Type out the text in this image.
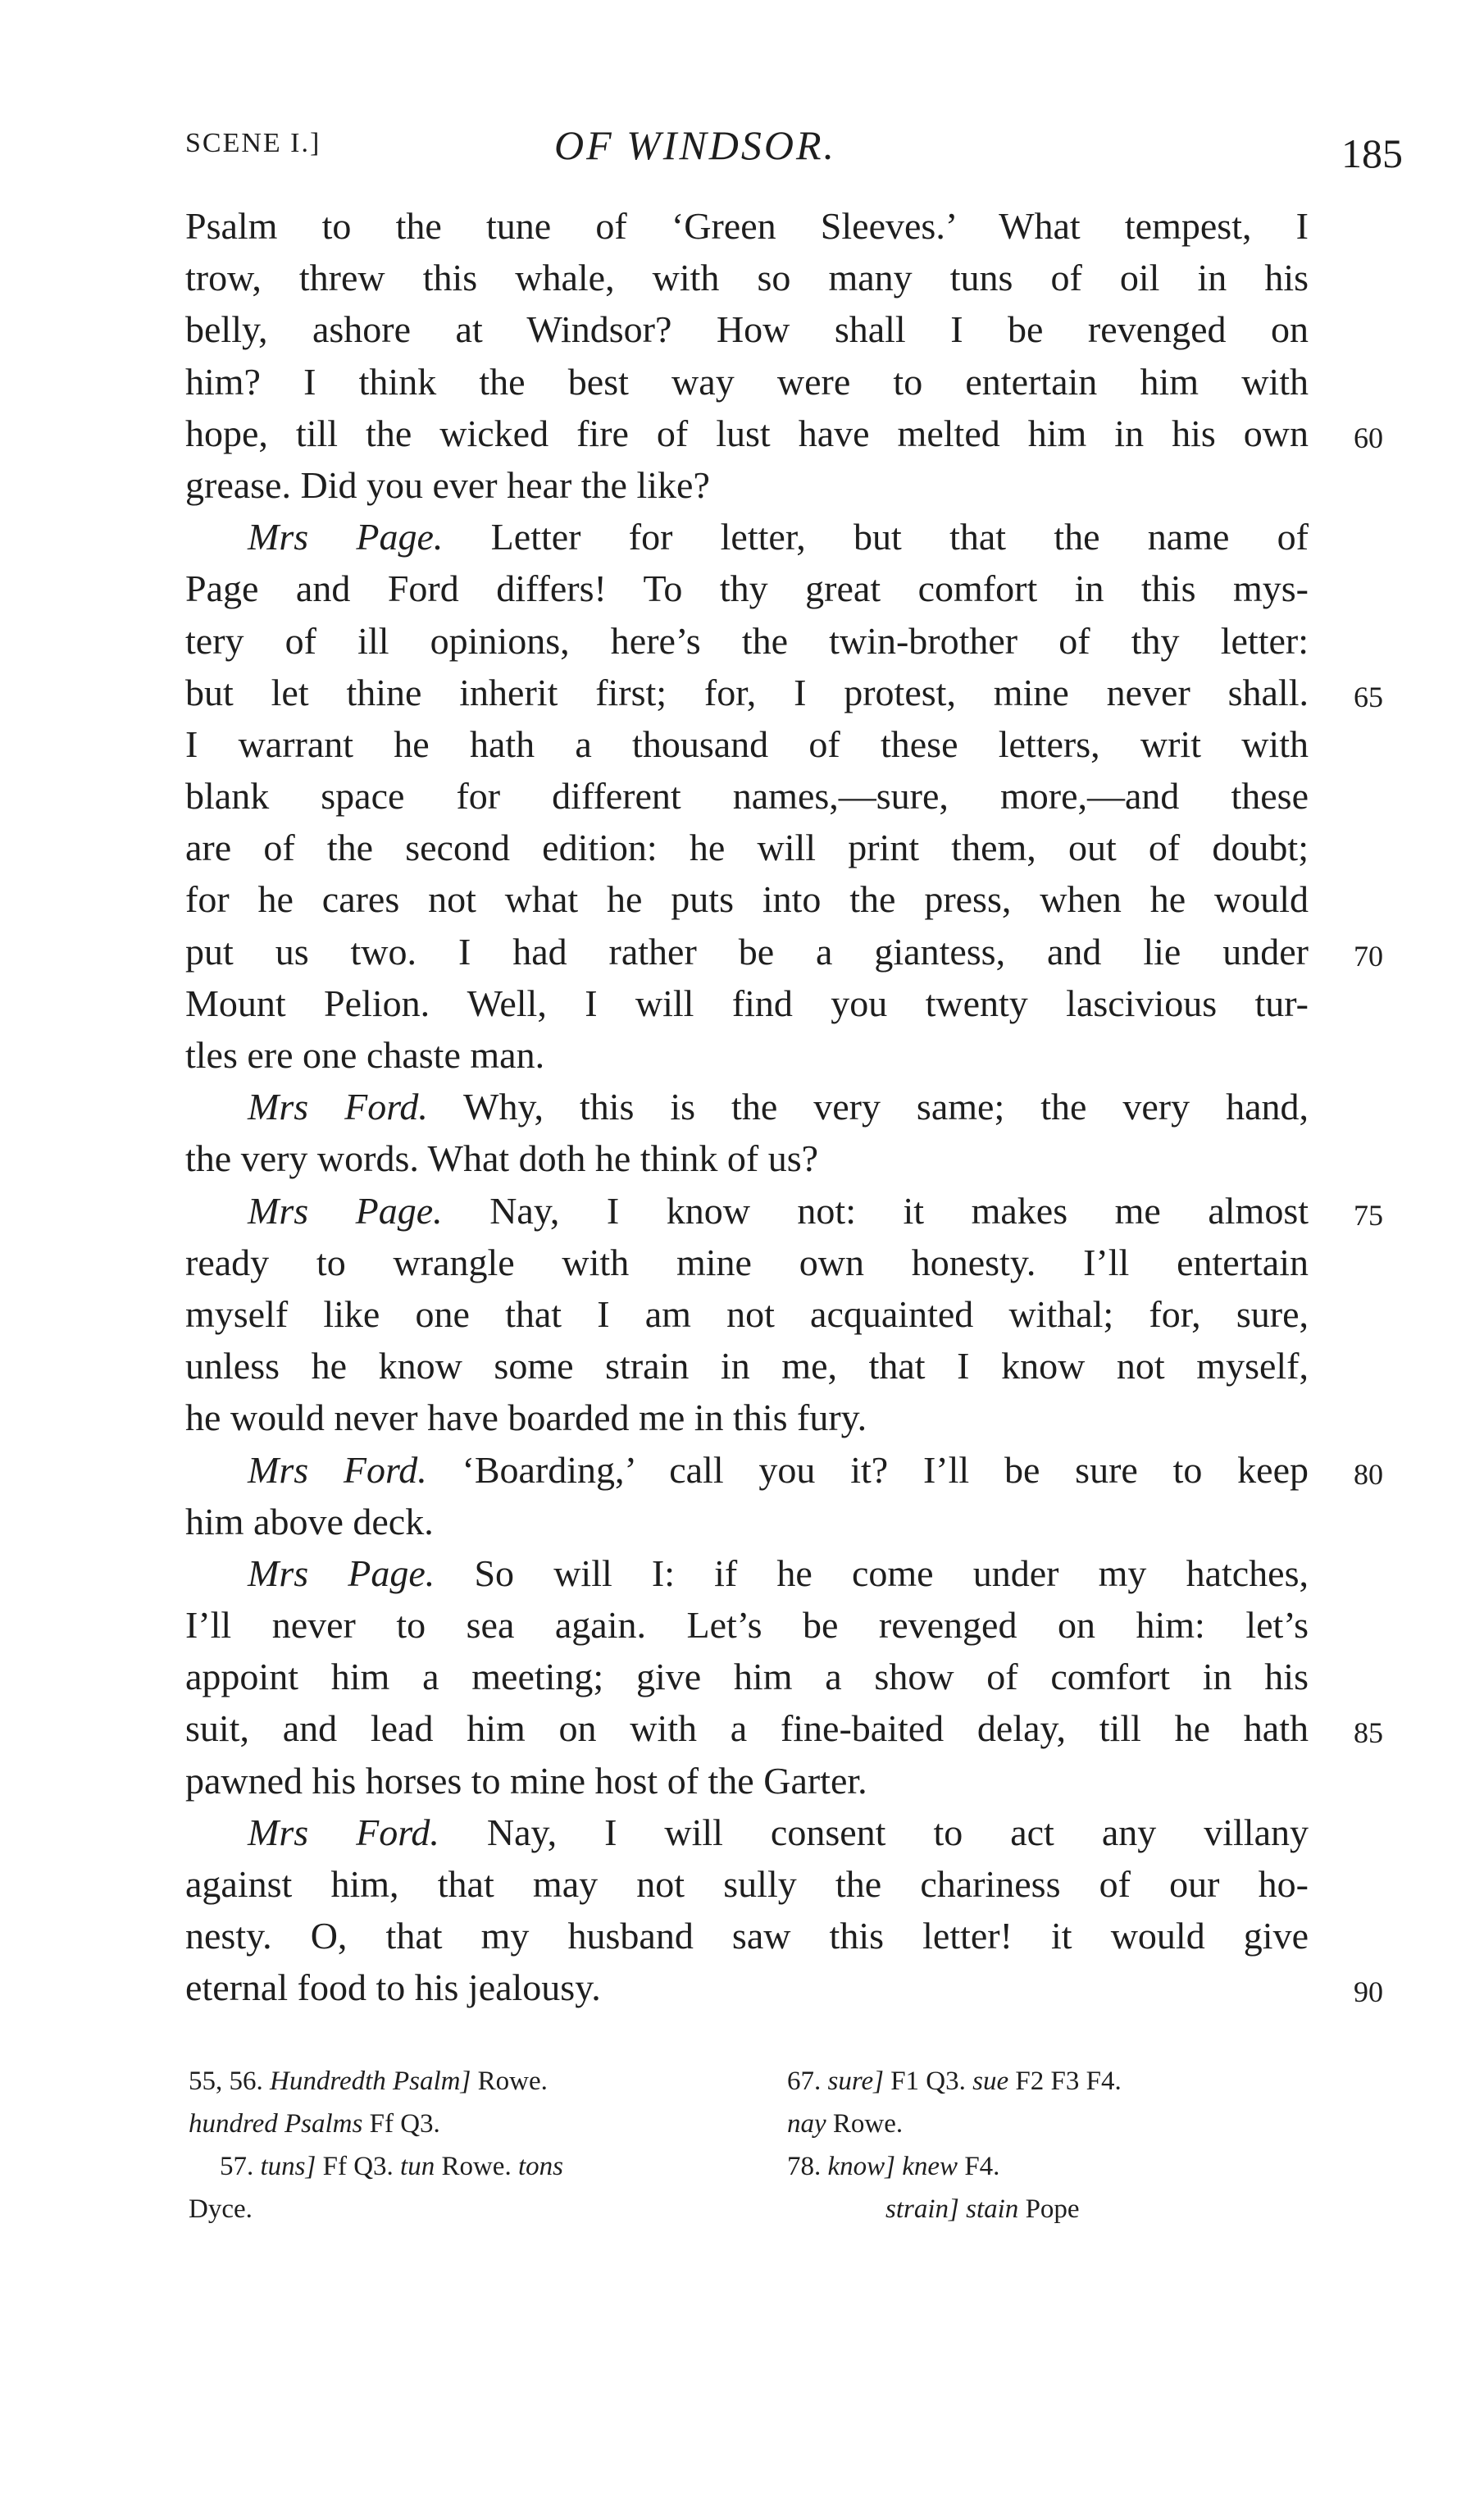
SCENE I.]	OF WINDSOR.	185
Psalm to the tune of ‘Green Sleeves.’ What tempest, I
trow, threw this whale, with so many tuns of oil in his
belly, ashore at Windsor? How shall I be revenged on
him? I think the best way were to entertain him with
hope, till the wicked fire of lust have melted him in his own 60
grease. Did you ever hear the like?
Mrs Page. Letter for letter, but that the name of
Page and Ford differs! To thy great comfort in this mys-
tery of ill opinions, here’s the twin-brother of thy letter:
but let thine inherit first; for, I protest, mine never shall. 65
I warrant he hath a thousand of these letters, writ with
blank space for different names,—sure, more,—and these
are of the second edition: he will print them, out of doubt;
for he cares not what he puts into the press, when he would
put us two. I had rather be a giantess, and lie under 70
Mount Pelion. Well, I will find you twenty lascivious tur-
tles ere one chaste man.
Mrs Ford. Why, this is the very same; the very hand,
the very words. What doth he think of us?
Mrs Page. Nay, I know not: it makes me almost 75
ready to wrangle with mine own honesty. I’ll entertain
myself like one that I am not acquainted withal; for, sure,
unless he know some strain in me, that I know not myself,
he would never have boarded me in this fury.
Mrs Ford. ‘Boarding,’ call you it? I’ll be sure to keep 80
him above deck.
Mrs Page. So will I: if he come under my hatches,
I’ll never to sea again. Let’s be revenged on him: let’s
appoint him a meeting; give him a show of comfort in his
suit, and lead him on with a fine-baited delay, till he hath 85
pawned his horses to mine host of the Garter.
Mrs Ford. Nay, I will consent to act any villany
against him, that may not sully the chariness of our ho-
nesty. O, that my husband saw this letter! it would give
eternal food to his jealousy.	90
55, 56. Hundredth Psalm] Rowe.
hundred Psalms Ff Q3.
57. tuns] Ff Q3. tun Rowe. tons
Dyce.
67. sure] F1 Q3. sue F2 F3 F4.
nay Rowe.
78. know] knew F4.
strain] stain Pope
